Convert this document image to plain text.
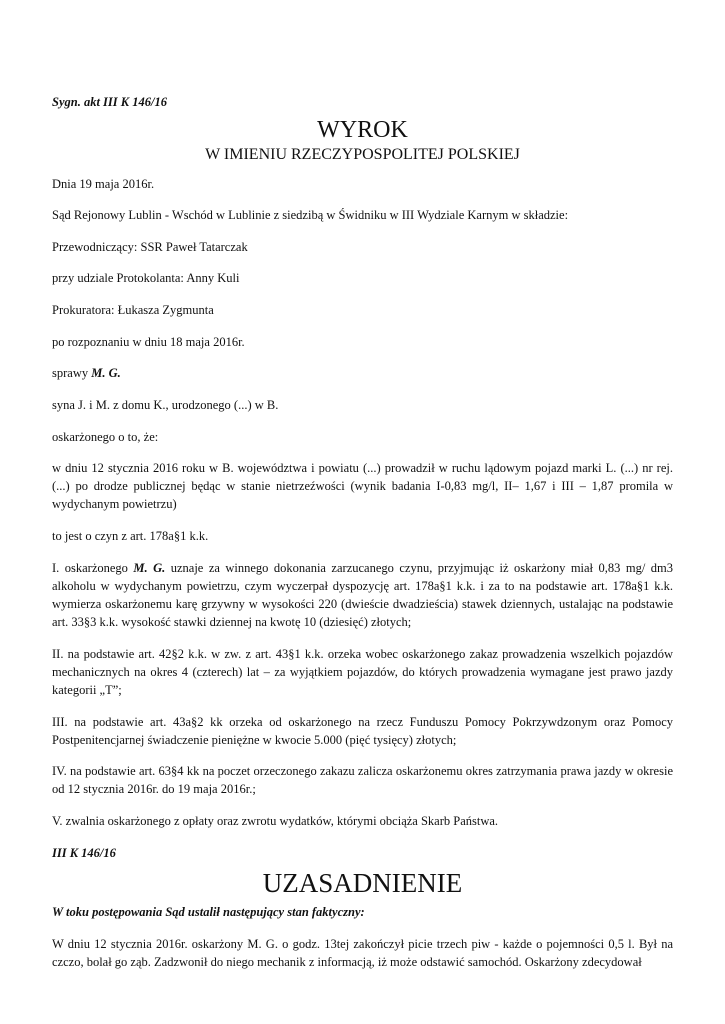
Sygn. akt III K 146/16

WYROK

W IMIENIU RZECZYPOSPOLITEJ POLSKIEJ

Dnia 19 maja 2016r.

Sąd Rejonowy Lublin - Wschód w Lublinie z siedzibą w Świdniku w III Wydziale Karnym w składzie:

Przewodniczący: SSR Paweł Tatarczak

przy udziale Protokolanta: Anny Kuli

Prokuratora: Łukasza Zygmunta

po rozpoznaniu w dniu 18 maja 2016r.

sprawy M. G.

syna J. i M. z domu K., urodzonego (...) w B.

oskarżonego o to, że:

w dniu 12 stycznia 2016 roku w B. województwa i powiatu (...) prowadził w ruchu lądowym pojazd marki L. (...) nr rej. (...) po drodze publicznej będąc w stanie nietrzeźwości (wynik badania I-0,83 mg/l, II– 1,67 i III – 1,87 promila w wydychanym powietrzu)

to jest o czyn z art. 178a§1 k.k.

I. oskarżonego M. G. uznaje za winnego dokonania zarzucanego czynu, przyjmując iż oskarżony miał 0,83 mg/ dm3 alkoholu w wydychanym powietrzu, czym wyczerpał dyspozycję art. 178a§1 k.k. i za to na podstawie art. 178a§1 k.k. wymierza oskarżonemu karę grzywny w wysokości 220 (dwieście dwadzieścia) stawek dziennych, ustalając na podstawie art. 33§3 k.k. wysokość stawki dziennej na kwotę 10 (dziesięć) złotych;

II. na podstawie art. 42§2 k.k. w zw. z art. 43§1 k.k. orzeka wobec oskarżonego zakaz prowadzenia wszelkich pojazdów mechanicznych na okres 4 (czterech) lat – za wyjątkiem pojazdów, do których prowadzenia wymagane jest prawo jazdy kategorii „T”;

III. na podstawie art. 43a§2 kk orzeka od oskarżonego na rzecz Funduszu Pomocy Pokrzywdzonym oraz Pomocy Postpenitencjarnej świadczenie pieniężne w kwocie 5.000 (pięć tysięcy) złotych;

IV. na podstawie art. 63§4 kk na poczet orzeczonego zakazu zalicza oskarżonemu okres zatrzymania prawa jazdy w okresie od 12 stycznia 2016r. do 19 maja 2016r.;

V. zwalnia oskarżonego z opłaty oraz zwrotu wydatków, którymi obciąża Skarb Państwa.

III K 146/16

UZASADNIENIE

W toku postępowania Sąd ustalił następujący stan faktyczny:

W dniu 12 stycznia 2016r. oskarżony M. G. o godz. 13tej zakończył picie trzech piw - każde o pojemności 0,5 l. Był na czczo, bolał go ząb. Zadzwonił do niego mechanik z informacją, iż może odstawić samochód. Oskarżony zdecydował
